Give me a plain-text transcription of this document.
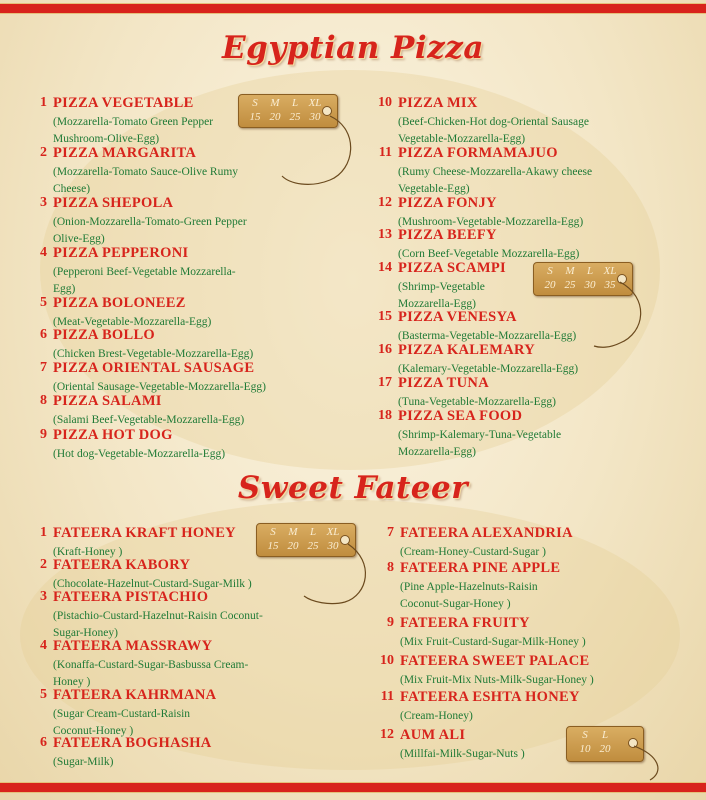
Egyptian Pizza
Sweet Fateer
1 PIZZA VEGETABLE
(Mozzarella-Tomato Green Pepper Mushroom-Olive-Egg)
2 PIZZA MARGARITA
(Mozzarella-Tomato Sauce-Olive Rumy Cheese)
3 PIZZA SHEPOLA
(Onion-Mozzarella-Tomato-Green Pepper Olive-Egg)
4 PIZZA PEPPERONI
(Pepperoni Beef-Vegetable Mozzarella-Egg)
5 PIZZA BOLONEEZ
(Meat-Vegetable-Mozzarella-Egg)
6 PIZZA BOLLO
(Chicken Brest-Vegetable-Mozzarella-Egg)
7 PIZZA ORIENTAL SAUSAGE
(Oriental Sausage-Vegetable-Mozzarella-Egg)
8 PIZZA SALAMI
(Salami Beef-Vegetable-Mozzarella-Egg)
9 PIZZA HOT DOG
(Hot dog-Vegetable-Mozzarella-Egg)
10 PIZZA MIX
(Beef-Chicken-Hot dog-Oriental Sausage Vegetable-Mozzarella-Egg)
11 PIZZA FORMAMAJUO
(Rumy Cheese-Mozzarella-Akawy cheese Vegetable-Egg)
12 PIZZA FONJY
(Mushroom-Vegetable-Mozzarella-Egg)
13 PIZZA BEEFY
(Corn Beef-Vegetable Mozzarella-Egg)
14 PIZZA SCAMPI
(Shrimp-Vegetable Mozzarella-Egg)
15 PIZZA VENESYA
(Basterma-Vegetable-Mozzarella-Egg)
16 PIZZA KALEMARY
(Kalemary-Vegetable-Mozzarella-Egg)
17 PIZZA TUNA
(Tuna-Vegetable-Mozzarella-Egg)
18 PIZZA SEA FOOD
(Shrimp-Kalemary-Tuna-Vegetable Mozzarella-Egg)
S	M	L XL
15 20 25 30
S	M	L XL
20 25 30 35
1 FATEERA KRAFT HONEY
(Kraft-Honey )
2 FATEERA KABORY
(Chocolate-Hazelnut-Custard-Sugar-Milk )
3 FATEERA PISTACHIO
(Pistachio-Custard-Hazelnut-Raisin Coconut-Sugar-Honey)
4 FATEERA MASSRAWY
(Konaffa-Custard-Sugar-Basbussa Cream-Honey )
5 FATEERA KAHRMANA
(Sugar Cream-Custard-Raisin Coconut-Honey )
6 FATEERA BOGHASHA
(Sugar-Milk)
7 FATEERA ALEXANDRIA
(Cream-Honey-Custard-Sugar )
8 FATEERA PINE APPLE
(Pine Apple-Hazelnuts-Raisin Coconut-Sugar-Honey )
9 FATEERA FRUITY
(Mix Fruit-Custard-Sugar-Milk-Honey )
10 FATEERA SWEET PALACE
(Mix Fruit-Mix Nuts-Milk-Sugar-Honey )
11 FATEERA ESHTA HONEY
(Cream-Honey)
12 AUM ALI
(Millfai-Milk-Sugar-Nuts )
S	M	L XL
15 20 25 30
S	L
10 20
